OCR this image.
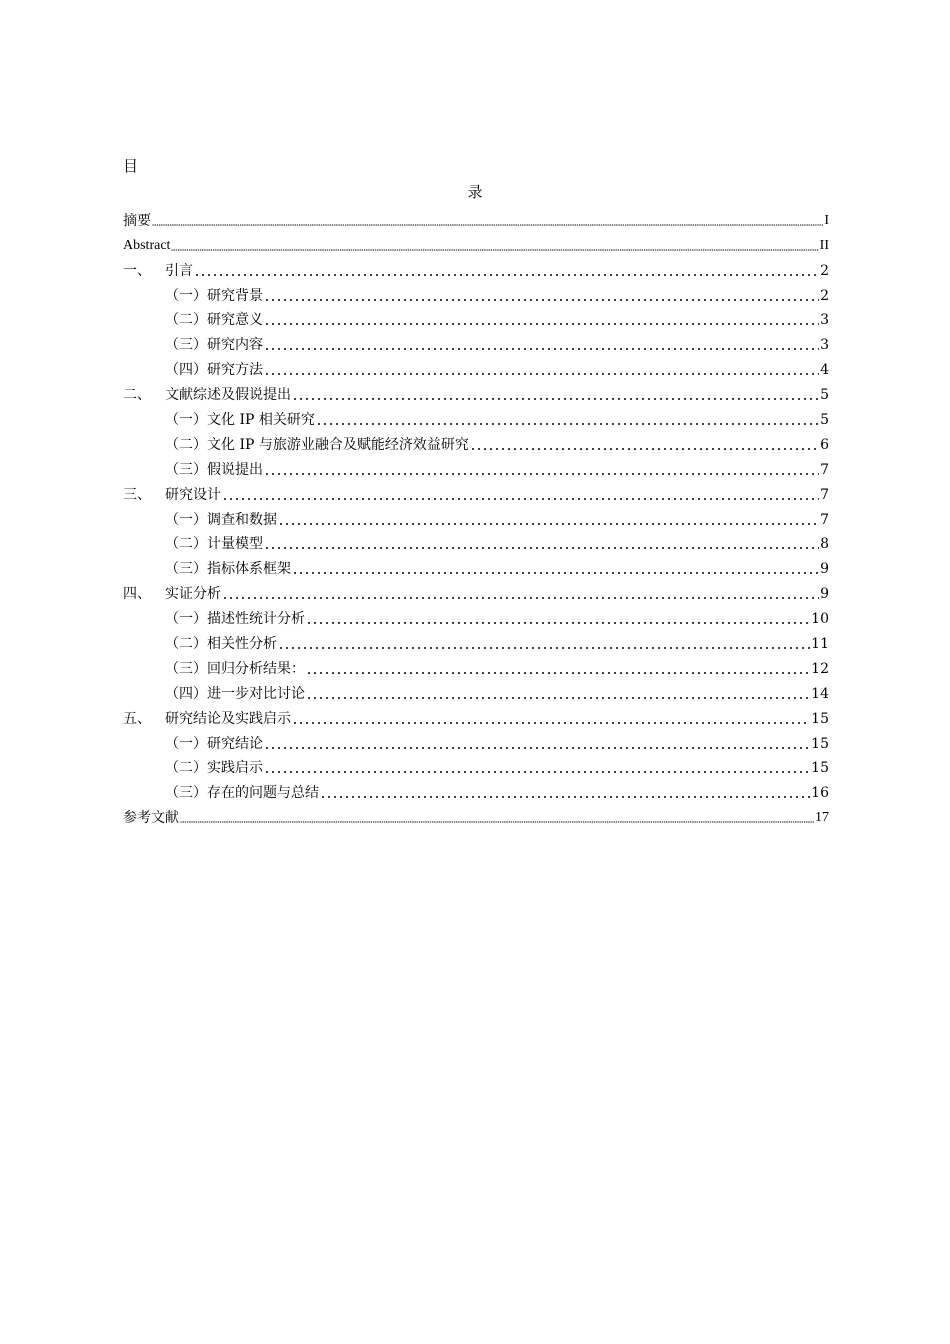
目
录
摘要	I
Abstract	II
一、	引言	2
（一）研究背景	2
（二）研究意义	3
（三）研究内容	3
（四）研究方法	4
二、	文献综述及假说提出	5
（一）文化 IP 相关研究	5
（二）文化 IP 与旅游业融合及赋能经济效益研究	6
（三）假说提出	7
三、	研究设计	7
（一）调查和数据	7
（二）计量模型	8
（三）指标体系框架	9
四、	实证分析	9
（一）描述性统计分析	10
（二）相关性分析	11
（三）回归分析结果：	12
（四）进一步对比讨论	14
五、	研究结论及实践启示	15
（一）研究结论	15
（二）实践启示	15
（三）存在的问题与总结	16
参考文献	17
